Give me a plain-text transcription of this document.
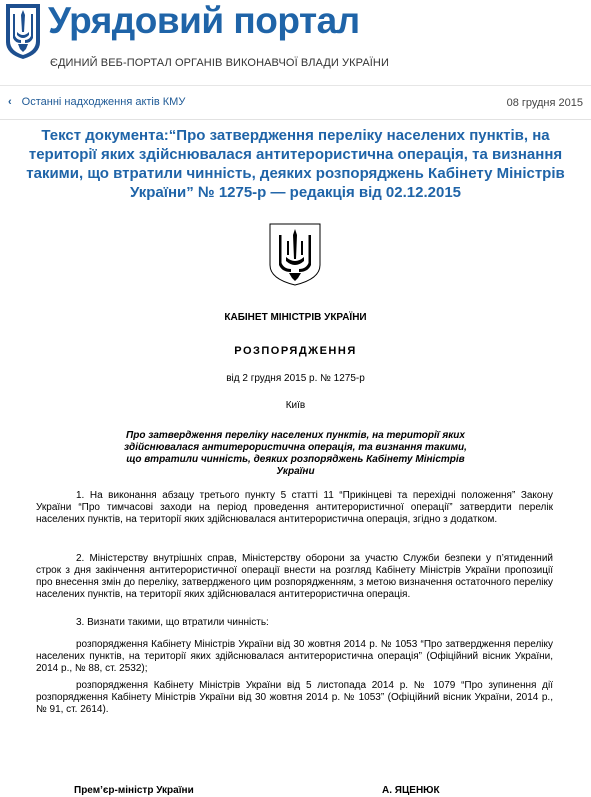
Урядовий портал
ЄДИНИЙ ВЕБ-ПОРТАЛ ОРГАНІВ ВИКОНАВЧОЇ ВЛАДИ УКРАЇНИ
‹ Останні надходження актів КМУ	08 грудня 2015
Текст документа:“Про затвердження переліку населених пунктів, на території яких здійснювалася антитерористична операція, та визнання такими, що втратили чинність, деяких розпоряджень Кабінету Міністрів України” № 1275-р — редакція від 02.12.2015
КАБІНЕТ МІНІСТРІВ УКРАЇНИ
РОЗПОРЯДЖЕННЯ
від 2 грудня 2015 р. № 1275-р
Київ
Про затвердження переліку населених пунктів, на території яких здійснювалася антитерористична операція, та визнання такими, що втратили чинність, деяких розпоряджень Кабінету Міністрів України
1. На виконання абзацу третього пункту 5 статті 11 “Прикінцеві та перехідні положення” Закону України “Про тимчасові заходи на період проведення антитерористичної операції” затвердити перелік населених пунктів, на території яких здійснювалася антитерористична операція, згідно з додатком.
2. Міністерству внутрішніх справ, Міністерству оборони за участю Служби безпеки у п’ятиденний строк з дня закінчення антитерористичної операції внести на розгляд Кабінету Міністрів України пропозиції про внесення змін до переліку, затвердженого цим розпорядженням, з метою визначення остаточного переліку населених пунктів, на території яких здійснювалася антитерористична операція.
3. Визнати такими, що втратили чинність:
розпорядження Кабінету Міністрів України від 30 жовтня 2014 р. № 1053 “Про затвердження переліку населених пунктів, на території яких здійснювалася антитерористична операція” (Офіційний вісник України, 2014 р., № 88, ст. 2532);
розпорядження Кабінету Міністрів України від 5 листопада 2014 р. № 1079 “Про зупинення дії розпорядження Кабінету Міністрів України від 30 жовтня 2014 р. № 1053” (Офіційний вісник України, 2014 р., № 91, ст. 2614).
Прем’єр-міністр України	А. ЯЦЕНЮК
